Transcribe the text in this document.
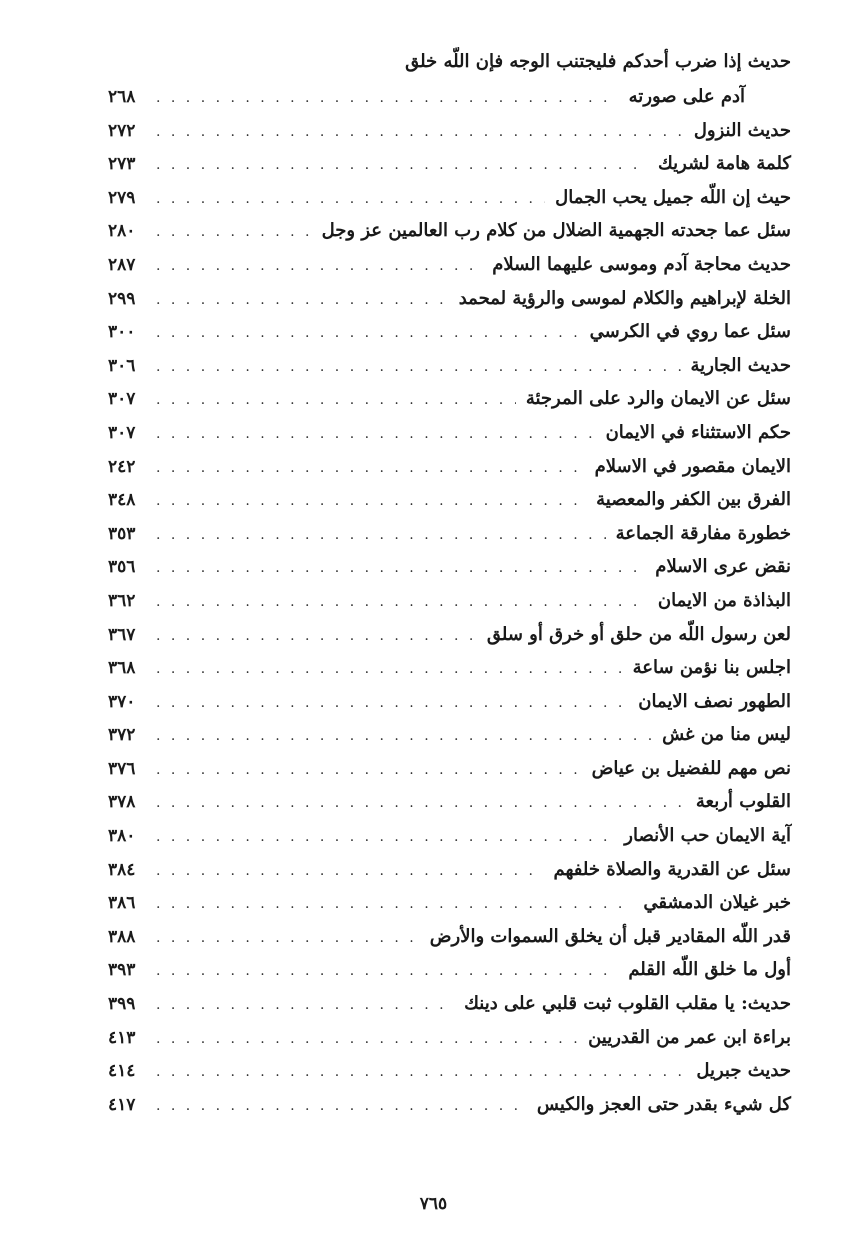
حديث إذا ضرب أحدكم فليجتنب الوجه فإن اللّه خلق
آدم على صورته
. . .
٢٦٨
حديث النزول
. . .
٢٧٢
كلمة هامة لشريك
. . .
٢٧٣
حيث إن اللّه جميل يحب الجمال
. . .
٢٧٩
سئل عما جحدته الجهمية الضلال من كلام رب العالمين عز وجل
. . .
٢٨٠
حديث محاجة آدم وموسى عليهما السلام
. . .
٢٨٧
الخلة لإبراهيم والكلام لموسى والرؤية لمحمد
. . .
٢٩٩
سئل عما روي في الكرسي
. . .
٣٠٠
حديث الجارية
. . .
٣٠٦
سئل عن الايمان والرد على المرجئة
. . .
٣٠٧
حكم الاستثناء في الايمان
. . .
٣٠٧
الايمان مقصور في الاسلام
. . .
٢٤٢
الفرق بين الكفر والمعصية
. . .
٣٤٨
خطورة مفارقة الجماعة
. . .
٣٥٣
نقض عرى الاسلام
. . .
٣٥٦
البذاذة من الايمان
. . .
٣٦٢
لعن رسول اللّه من حلق أو خرق أو سلق
. . .
٣٦٧
اجلس بنا نؤمن ساعة
. . .
٣٦٨
الطهور نصف الايمان
. . .
٣٧٠
ليس منا من غش
. . .
٣٧٢
نص مهم للفضيل بن عياض
. . .
٣٧٦
القلوب أربعة
. . .
٣٧٨
آية الايمان حب الأنصار
. . .
٣٨٠
سئل عن القدرية والصلاة خلفهم
. . .
٣٨٤
خبر غيلان الدمشقي
. . .
٣٨٦
قدر اللّه المقادير قبل أن يخلق السموات والأرض
. . .
٣٨٨
أول ما خلق اللّه القلم
. . .
٣٩٣
حديث: يا مقلب القلوب ثبت قلبي على دينك
. . .
٣٩٩
براءة ابن عمر من القدريين
. . .
٤١٣
حديث جبريل
. . .
٤١٤
كل شيء بقدر حتى العجز والكيس
. . .
٤١٧
٧٦٥
